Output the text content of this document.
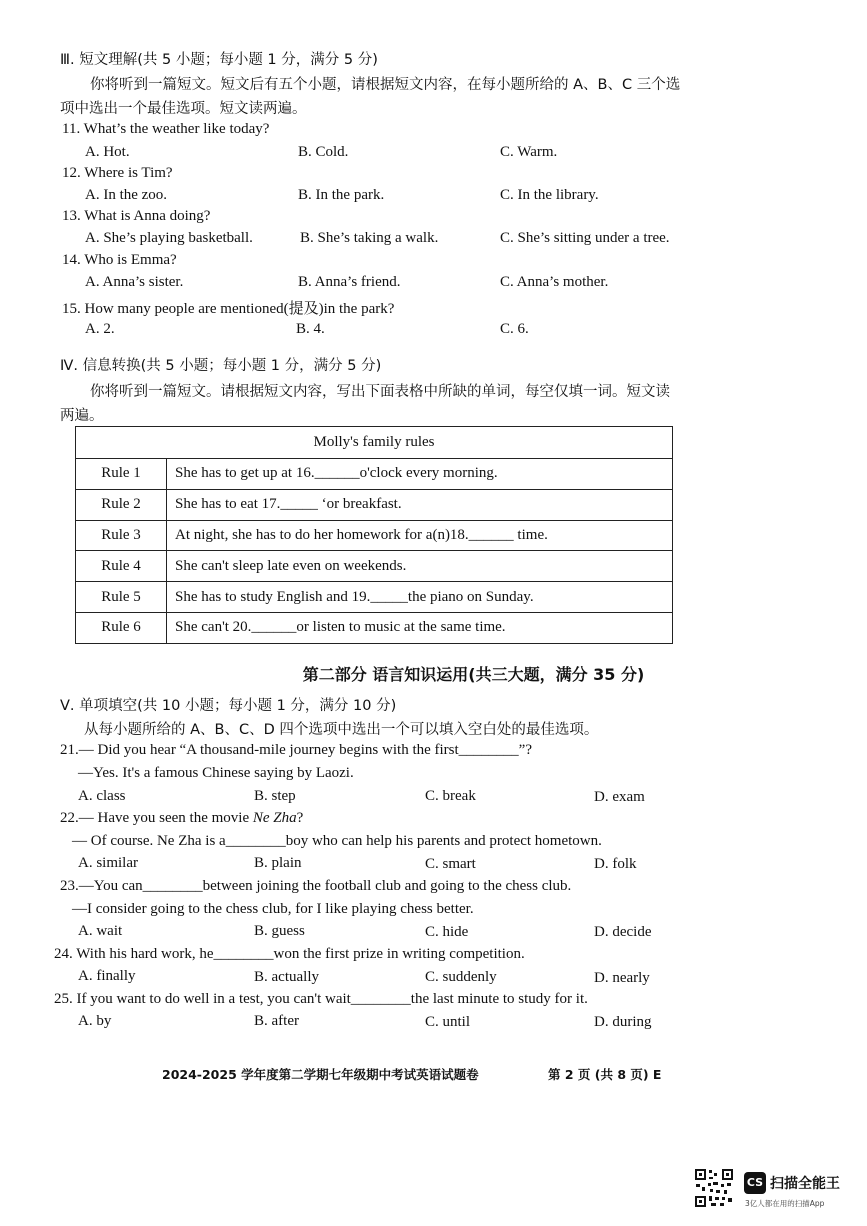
Ⅲ. 短文理解(共 5 小题；每小题 1 分，满分 5 分)
你将听到一篇短文。短文后有五个小题，请根据短文内容，在每小题所给的 A、B、C 三个选
项中选出一个最佳选项。短文读两遍。
11. What’s the weather like today?
A. Hot.	B. Cold.	C. Warm.
12. Where is Tim?
A. In the zoo.	B. In the park.	C. In the library.
13. What is Anna doing?
A. She’s playing basketball.	B. She’s taking a walk.	C. She’s sitting under a tree.
14. Who is Emma?
A. Anna’s sister.	B. Anna’s friend.	C. Anna’s mother.
15. How many people are mentioned(提及)in the park?
A. 2.	B. 4.	C. 6.
Ⅳ. 信息转换(共 5 小题；每小题 1 分，满分 5 分)
你将听到一篇短文。请根据短文内容，写出下面表格中所缺的单词，每空仅填一词。短文读
两遍。
Molly's family rules	
Rule 1	She has to get up at 16.______o'clock every morning.
Rule 2	She has to eat 17._____ ‘or breakfast.
Rule 3	At night, she has to do her homework for a(n)18.______ time.
Rule 4	She can't sleep late even on weekends.
Rule 5	She has to study English and 19._____the piano on Sunday.
Rule 6	She can't 20.______or listen to music at the same time.
第二部分 语言知识运用(共三大题，满分 35 分)
Ⅴ. 单项填空(共 10 小题；每小题 1 分，满分 10 分)
从每小题所给的 A、B、C、D 四个选项中选出一个可以填入空白处的最佳选项。
21.— Did you hear “A thousand-mile journey begins with the first________”?
—Yes. It's a famous Chinese saying by Laozi.
A. class	B. step	C. break	D. exam
22.— Have you seen the movie Ne Zha?
— Of course. Ne Zha is a________boy who can help his parents and protect hometown.
A. similar	B. plain	C. smart	D. folk
23.—You can________between joining the football club and going to the chess club.
—I consider going to the chess club, for I like playing chess better.
A. wait	B. guess	C. hide	D. decide
24. With his hard work, he________won the first prize in writing competition.
A. finally	B. actually	C. suddenly	D. nearly
25. If you want to do well in a test, you can't wait________the last minute to study for it.
A. by	B. after	C. until	D. during
2024-2025 学年度第二学期七年级期中考试英语试题卷	第 2 页 (共 8 页) E
CS 扫描全能王
3亿人都在用的扫描App
